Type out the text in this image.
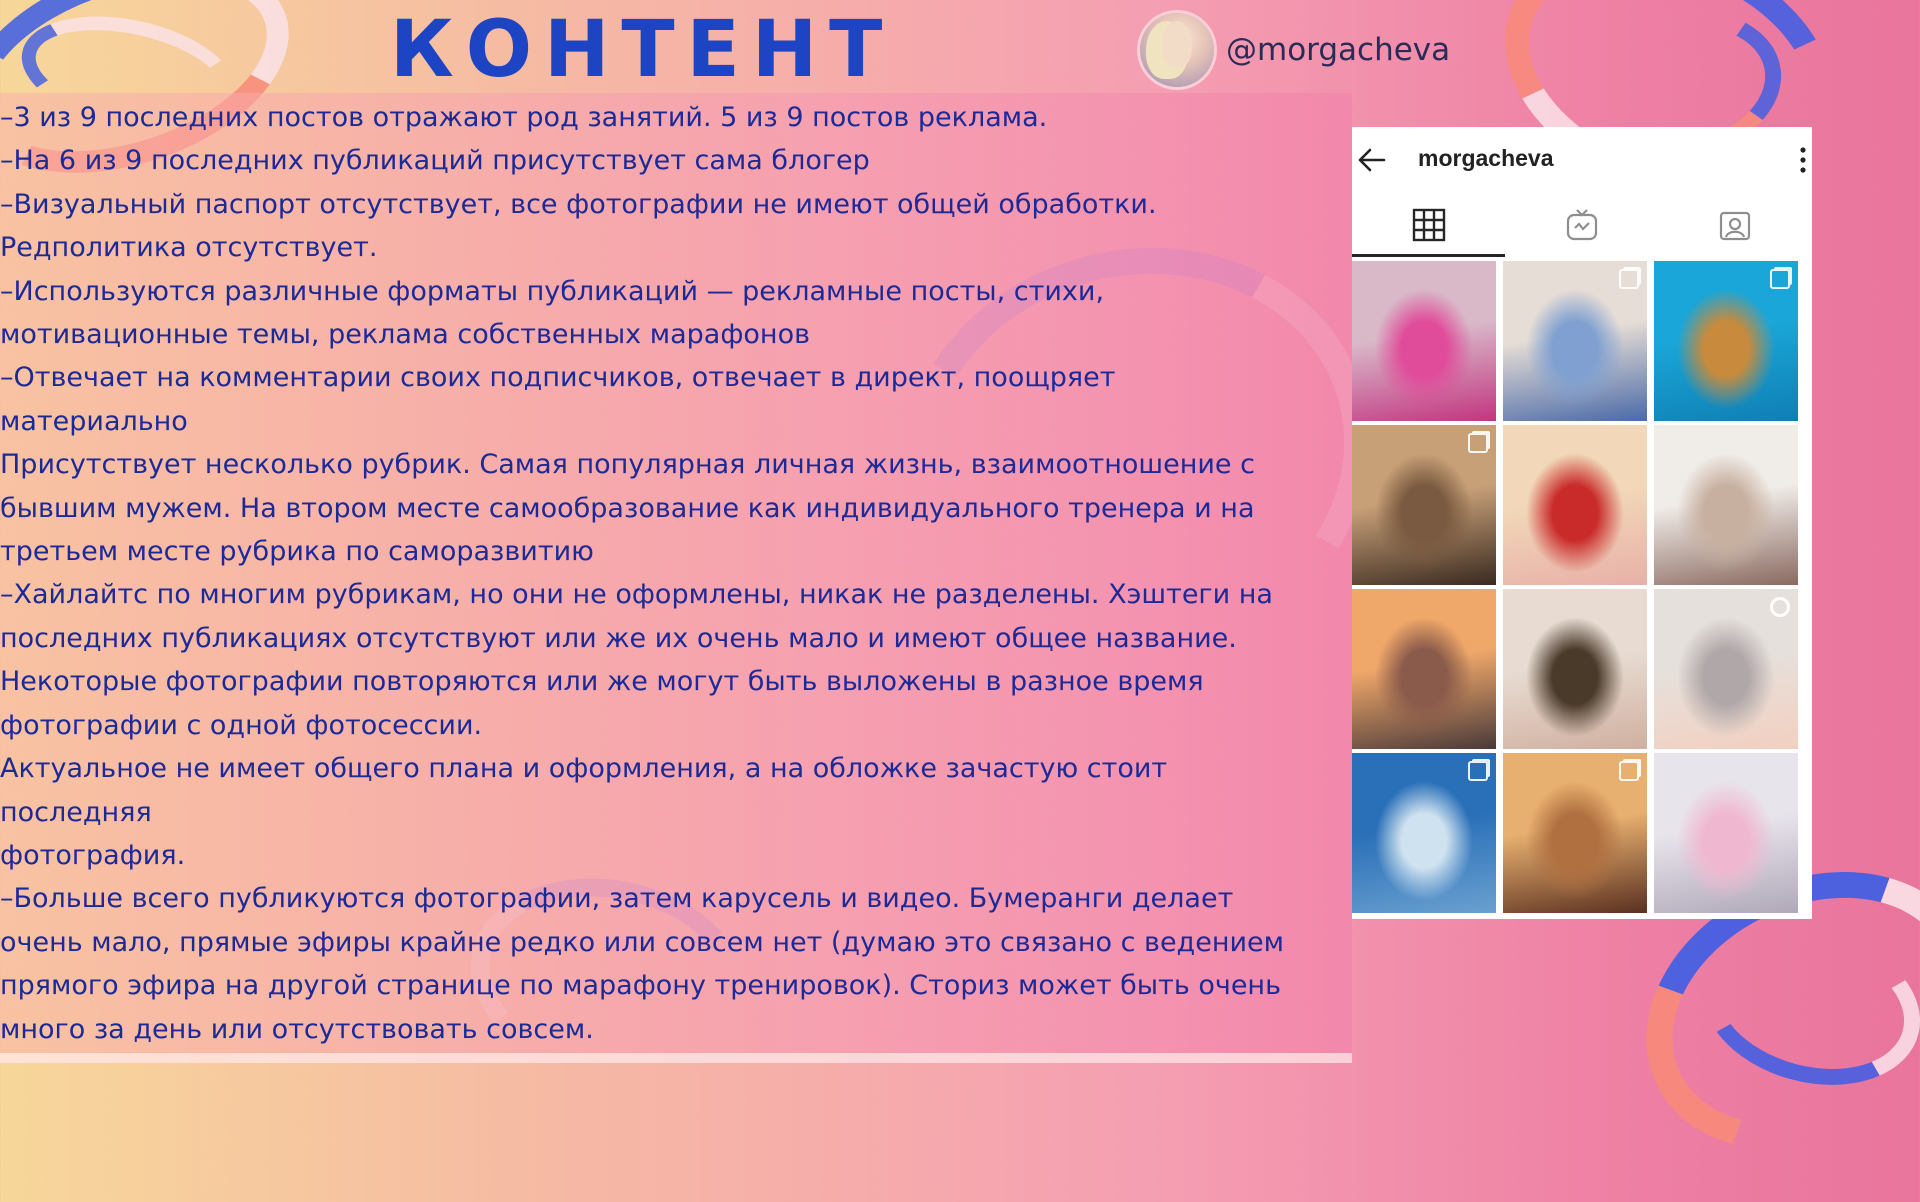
КОНТЕНТ	@morgacheva

–3 из 9 последних постов отражают род занятий. 5 из 9 постов реклама.

–На 6 из 9 последних публикаций присутствует сама блогер

–Визуальный паспорт отсутствует, все фотографии не имеют общей обработки.

Редполитика отсутствует.

–Используются различные форматы публикаций — рекламные посты, стихи,

мотивационные темы, реклама собственных марафонов

–Отвечает на комментарии своих подписчиков, отвечает в директ, поощряет

материально

Присутствует несколько рубрик. Самая популярная личная жизнь, взаимоотношение с

бывшим мужем. На втором месте самообразование как индивидуального тренера и на

третьем месте рубрика по саморазвитию

–Хайлайтс по многим рубрикам, но они не оформлены, никак не разделены. Хэштеги на

последних публикациях отсутствуют или же их очень мало и имеют общее название.

Некоторые фотографии повторяются или же могут быть выложены в разное время

фотографии с одной фотосессии.

Актуальное не имеет общего плана и оформления, а на обложке зачастую стоит

последняя

фотография.

–Больше всего публикуются фотографии, затем карусель и видео. Бумеранги делает

очень мало, прямые эфиры крайне редко или совсем нет (думаю это связано с ведением

прямого эфира на другой странице по марафону тренировок). Сториз может быть очень

много за день или отсутствовать совсем.

morgacheva
